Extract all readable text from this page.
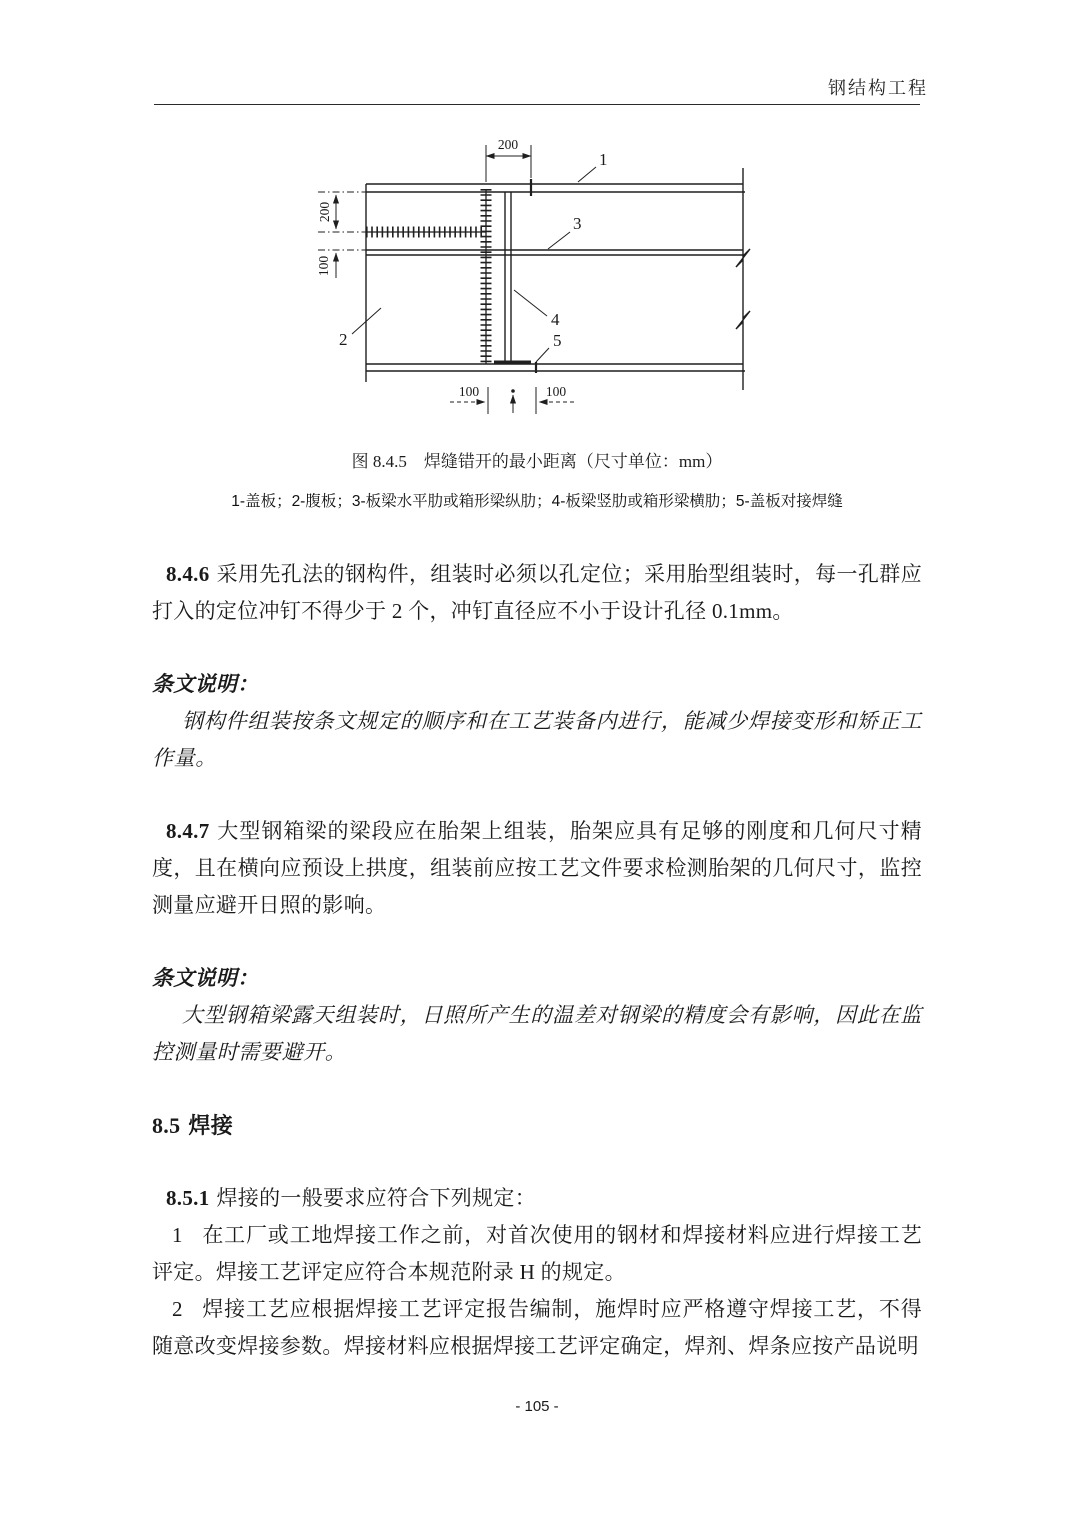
钢结构工程
200
200
100
100	100
1
2
3
4
5
图 8.4.5　焊缝错开的最小距离（尺寸单位：mm）
1-盖板；2-腹板；3-板梁水平肋或箱形梁纵肋；4-板梁竖肋或箱形梁横肋；5-盖板对接焊缝

8.4.6 采用先孔法的钢构件，组装时必须以孔定位；采用胎型组装时，每一孔群应打入的定位冲钉不得少于 2 个，冲钉直径应不小于设计孔径 0.1mm。

条文说明：

钢构件组装按条文规定的顺序和在工艺装备内进行，能减少焊接变形和矫正工作量。

8.4.7 大型钢箱梁的梁段应在胎架上组装，胎架应具有足够的刚度和几何尺寸精度，且在横向应预设上拱度，组装前应按工艺文件要求检测胎架的几何尺寸，监控测量应避开日照的影响。

条文说明：

大型钢箱梁露天组装时，日照所产生的温差对钢梁的精度会有影响，因此在监控测量时需要避开。

8.5 焊接

8.5.1 焊接的一般要求应符合下列规定：

1 在工厂或工地焊接工作之前，对首次使用的钢材和焊接材料应进行焊接工艺评定。焊接工艺评定应符合本规范附录 H 的规定。

2 焊接工艺应根据焊接工艺评定报告编制，施焊时应严格遵守焊接工艺，不得随意改变焊接参数。焊接材料应根据焊接工艺评定确定，焊剂、焊条应按产品说明

- 105 -
